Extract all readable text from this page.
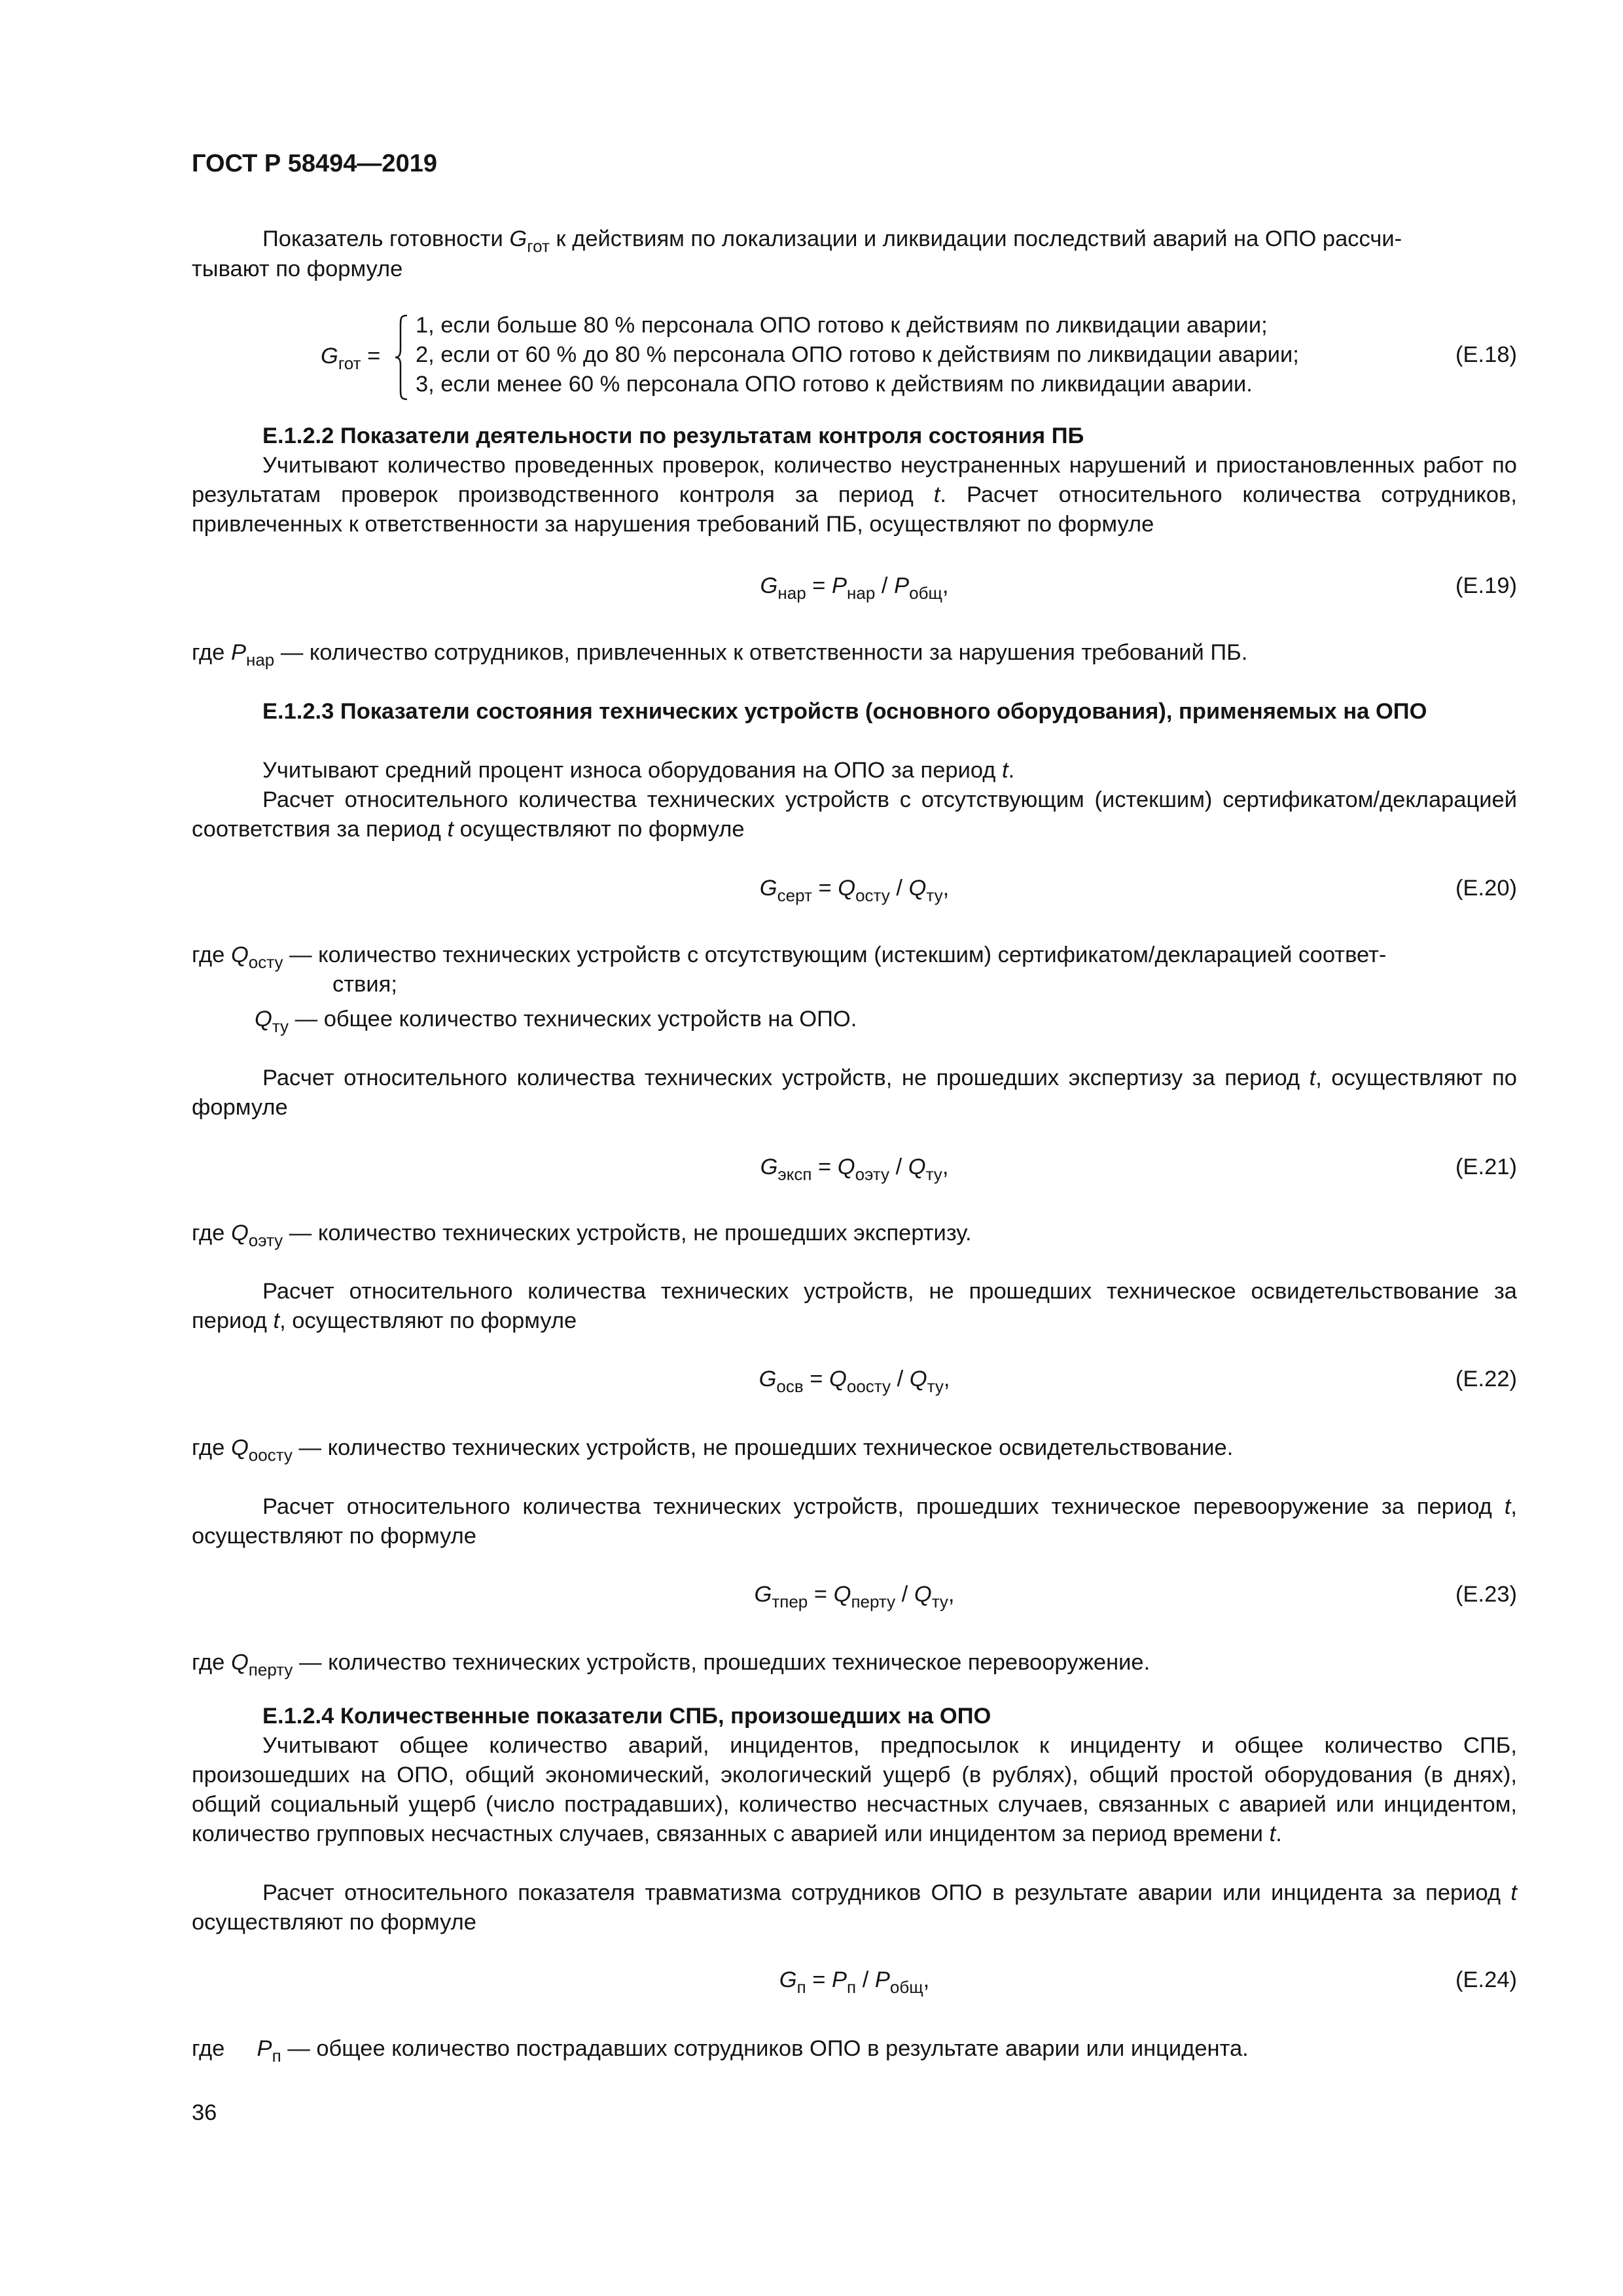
ГОСТ Р 58494—2019
Показатель готовности $G_{гот}$ к действиям по локализации и ликвидации последствий аварий на ОПО рассчи-
тывают по формуле
$G_{гот}$ =
1, если больше 80 % персонала ОПО готово к действиям по ликвидации аварии;
2, если от 60 % до 80 % персонала ОПО готово к действиям по ликвидации аварии;
3, если менее 60 % персонала ОПО готово к действиям по ликвидации аварии.
(Е.18)
Е.1.2.2 Показатели деятельности по результатам контроля состояния ПБ

Учитывают количество проведенных проверок, количество неустраненных нарушений и приостановленных работ по результатам проверок производственного контроля за период t. Расчет относительного количества сотрудников, привлеченных к ответственности за нарушения требований ПБ, осуществляют по формуле

$G_{нар} = P_{нар} / P_{общ}$,	(Е.19)
где $P_{нар}$ — количество сотрудников, привлеченных к ответственности за нарушения требований ПБ.

Е.1.2.3 Показатели состояния технических устройств (основного оборудования), применяемых на ОПО

Учитывают средний процент износа оборудования на ОПО за период t.

Расчет относительного количества технических устройств с отсутствующим (истекшим) сертификатом/декларацией соответствия за период t осуществляют по формуле

$G_{серт} = Q_{осту} / Q_{ту}$,	(Е.20)
где $Q_{осту}$ — количество технических устройств с отсутствующим (истекшим) сертификатом/декларацией соответ-
ствия;
$Q_{ту}$ — общее количество технических устройств на ОПО.

Расчет относительного количества технических устройств, не прошедших экспертизу за период t, осуществляют по формуле

$G_{эксп} = Q_{оэту} / Q_{ту}$,	(Е.21)
где $Q_{оэту}$ — количество технических устройств, не прошедших экспертизу.

Расчет относительного количества технических устройств, не прошедших техническое освидетельствование за период t, осуществляют по формуле

$G_{осв} = Q_{оосту} / Q_{ту}$,	(Е.22)
где $Q_{оосту}$ — количество технических устройств, не прошедших техническое освидетельствование.

Расчет относительного количества технических устройств, прошедших техническое перевооружение за период t, осуществляют по формуле

$G_{тпер} = Q_{перту} / Q_{ту}$,	(Е.23)
где $Q_{перту}$ — количество технических устройств, прошедших техническое перевооружение.
Е.1.2.4 Количественные показатели СПБ, произошедших на ОПО

Учитывают общее количество аварий, инцидентов, предпосылок к инциденту и общее количество СПБ, произошедших на ОПО, общий экономический, экологический ущерб (в рублях), общий простой оборудования (в днях), общий социальный ущерб (число пострадавших), количество несчастных случаев, связанных с аварией или инцидентом, количество групповых несчастных случаев, связанных с аварией или инцидентом за период времени t.

Расчет относительного показателя травматизма сотрудников ОПО в результате аварии или инцидента за период t осуществляют по формуле

$G_п = P_п / P_{общ}$,	(Е.24)
где $P_п$ — общее количество пострадавших сотрудников ОПО в результате аварии или инцидента.
36
